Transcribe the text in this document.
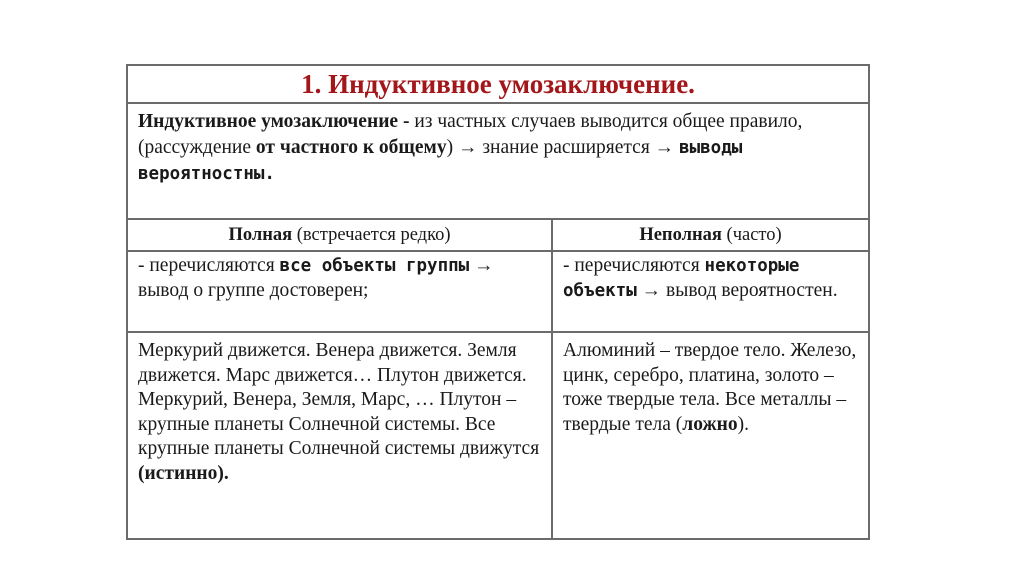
1. Индуктивное умозаключение.
Индуктивное умозаключение - из частных случаев выводится общее правило, (рассуждение от частного к общему) → знание расширяется → выводы вероятностны.
Полная (встречается редко)	Неполная (часто)
- перечисляются все объекты группы → вывод о группе достоверен;
- перечисляются некоторые объекты → вывод вероятностен.
Меркурий движется. Венера движется. Земля движется. Марс движется… Плутон движется. Меркурий, Венера, Земля, Марс, … Плутон –крупные планеты Солнечной системы. Все крупные планеты Солнечной системы движутся (истинно).
Алюминий – твердое тело. Железо, цинк, серебро, платина, золото – тоже твердые тела. Все металлы – твердые тела (ложно).
